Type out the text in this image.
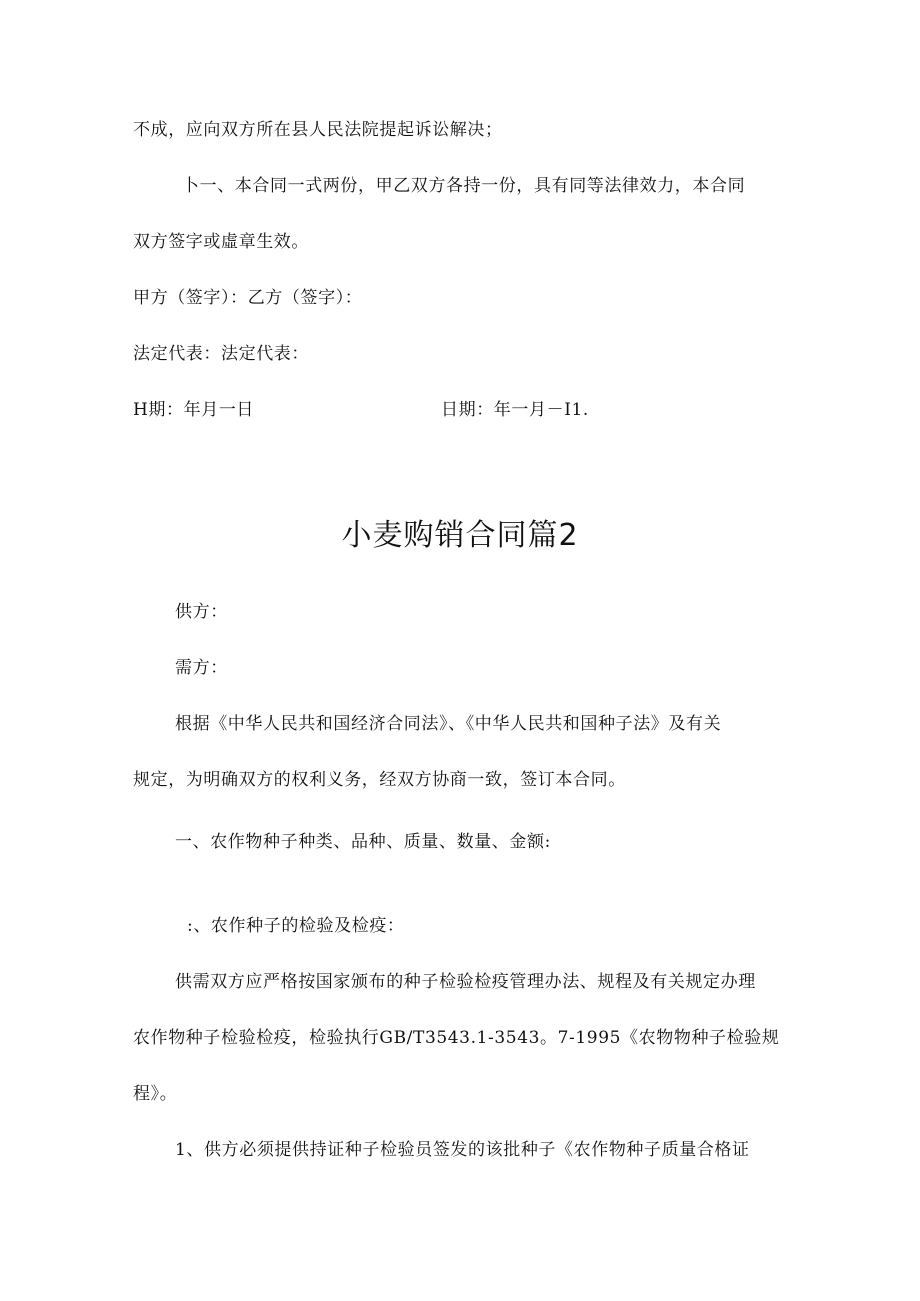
不成，应向双方所在县人民法院提起诉讼解决；
卜一、本合同一式两份，甲乙双方各持一份，具有同等法律效力，本合同
双方签字或虛章生效。
甲方（签字）：乙方（签字）：
法定代表：法定代表：
H期：年月一日	日期：年一月－I1.
小麦购销合同篇2
供方：
需方：
根据《中华人民共和国经济合同法》、《中华人民共和国种子法》及有关
规定，为明确双方的权利义务，经双方协商一致，签订本合同。
一、农作物种子种类、品种、质量、数量、金额:
:、农作种子的检验及检疫：
供需双方应严格按国家颁布的种子检验检疫管理办法、规程及有关规定办理
农作物种子检验检疫，检验执行GB/T3543.1-3543。7-1995《农物物种子检验规
程》。
1、供方必须提供持证种子检验员签发的该批种子《农作物种子质量合格证
